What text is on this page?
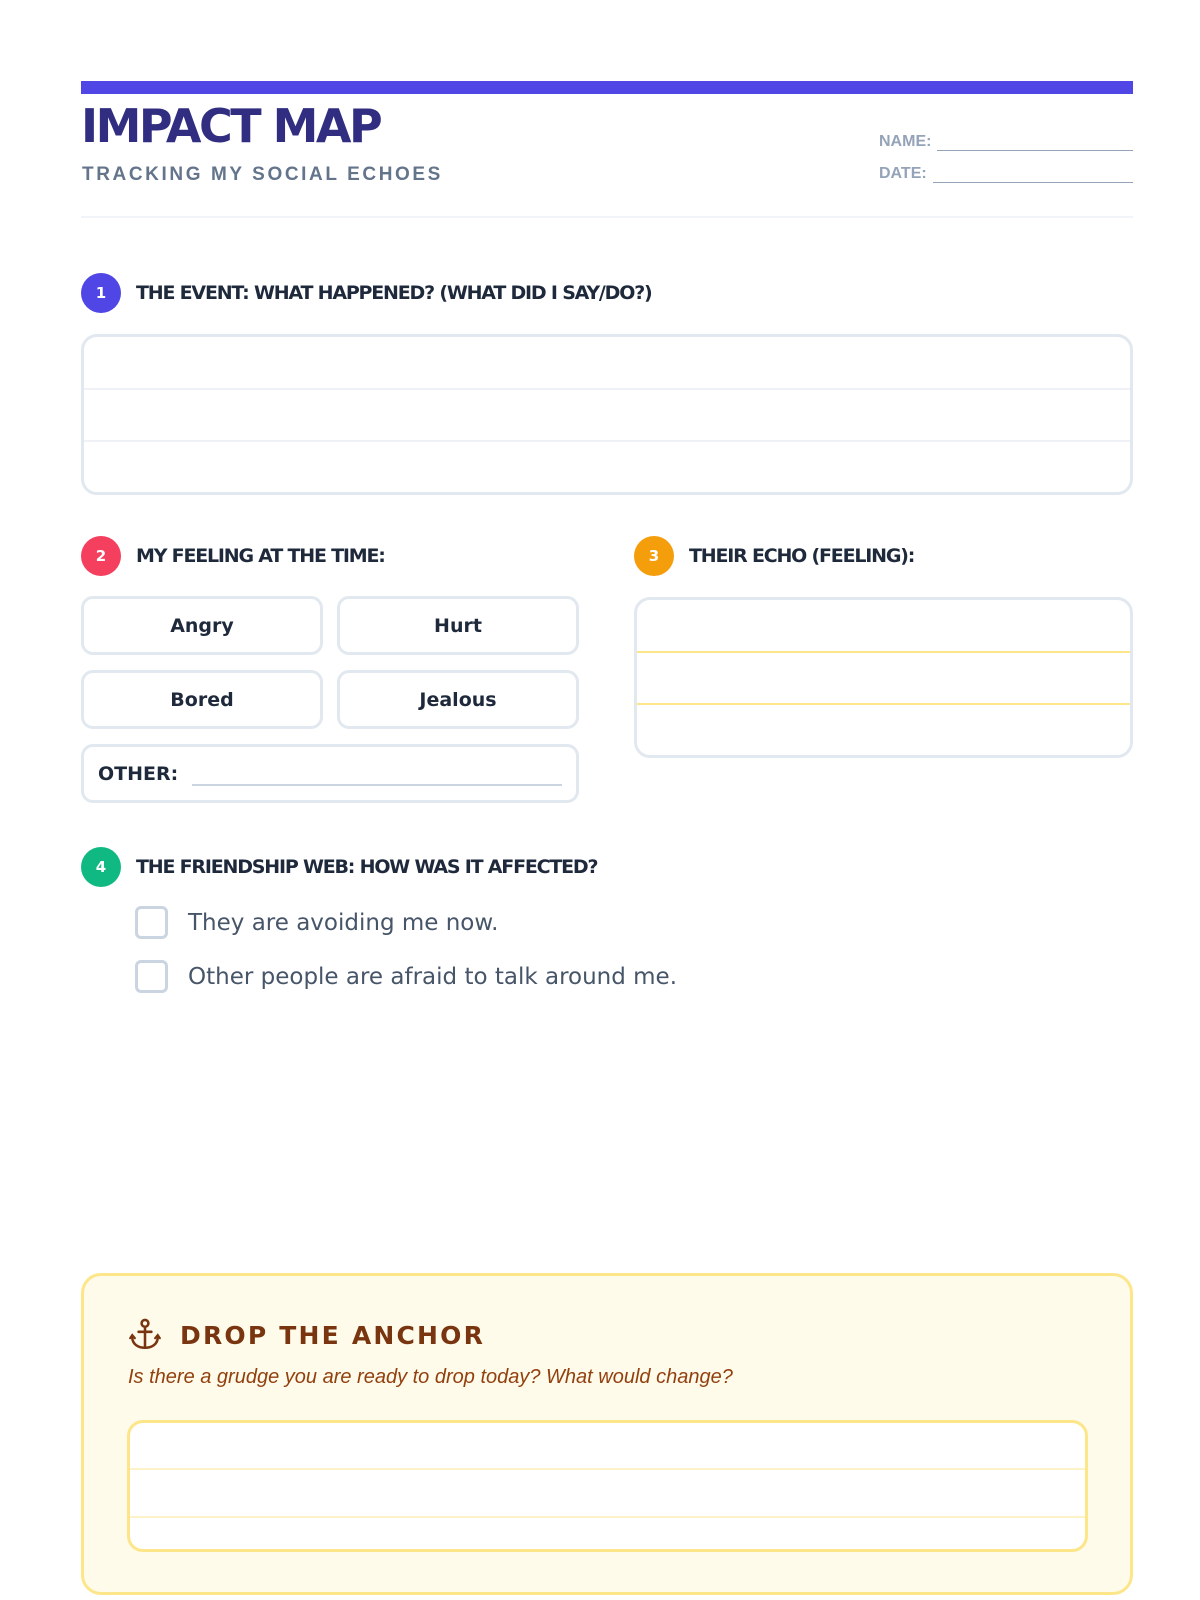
IMPACT MAP
TRACKING MY SOCIAL ECHOES
NAME:
DATE:
1	THE EVENT: WHAT HAPPENED? (WHAT DID I SAY/DO?)
2	MY FEELING AT THE TIME:
Angry	Hurt
Bored	Jealous
OTHER:
3	THEIR ECHO (FEELING):
4	THE FRIENDSHIP WEB: HOW WAS IT AFFECTED?
They are avoiding me now.
Other people are afraid to talk around me.
DROP THE ANCHOR
Is there a grudge you are ready to drop today? What would change?
